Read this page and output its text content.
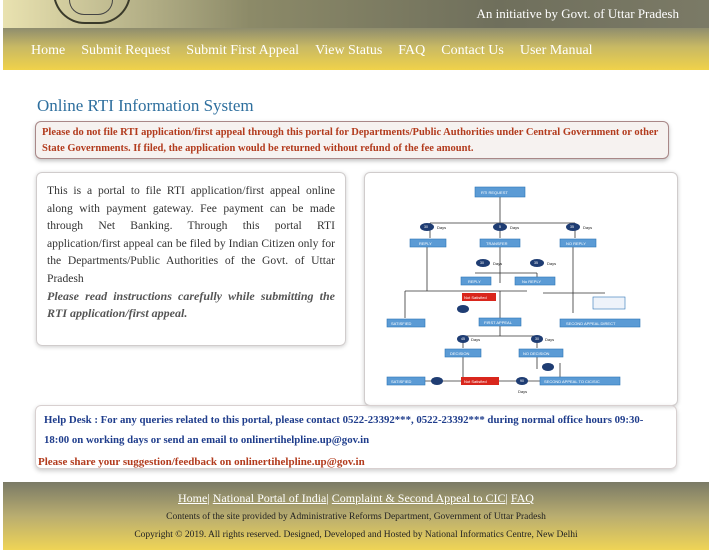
An initiative by Govt. of Uttar Pradesh
Home Submit Request Submit First Appeal View Status FAQ Contact Us User Manual
Online RTI Information System
Please do not file RTI application/first appeal through this portal for Departments/Public Authorities under Central Government or other State Governments. If filed, the application would be returned without refund of the fee amount.
This is a portal to file RTI application/first appeal online along with payment gateway. Fee payment can be made through Net Banking. Through this portal RTI application/first appeal can be filed by Indian Citizen only for the Departments/Public Authorities of the Govt. of Uttar Pradesh
Please read instructions carefully while submitting the RTI application/first appeal.
RTI REQUEST
REPLY	TRANSFER	NO REPLY
REPLY	No REPLY
Not Satisfied
SATISFIED	FIRST APPEAL	SECOND APPEAL DIRECT
DECISION	NO DECISION
SATISFIED	Not Satisfied	SECOND APPEAL TO CIC/SIC
30	5	35
30	35
45	30
90
Days	Days	Days
Days	Days
Days	Days
Days
Help Desk : For any queries related to this portal, please contact 0522-23392***, 0522-23392*** during normal office hours 09:30-18:00 on working days or send an email to onlinertihelpline.up@gov.in
Please share your suggestion/feedback on onlinertihelpline.up@gov.in
Home| National Portal of India| Complaint & Second Appeal to CIC| FAQ
Contents of the site provided by Administrative Reforms Department, Government of Uttar Pradesh
Copyright © 2019. All rights reserved. Designed, Developed and Hosted by National Informatics Centre, New Delhi
